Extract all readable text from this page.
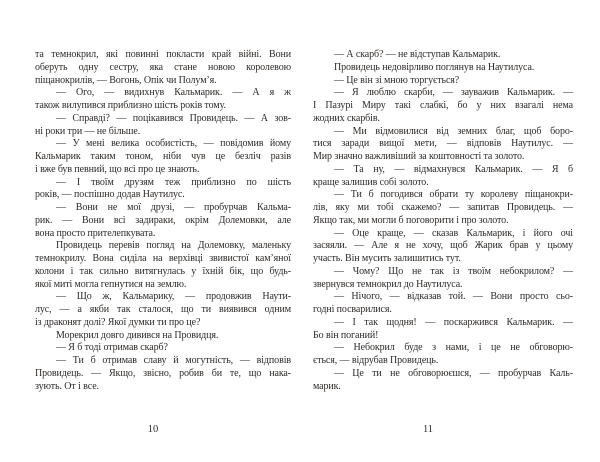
та темнокрил, які повинні покласти край війні. Вони
оберуть одну сестру, яка стане новою королевою
піщанокрилів, — Вогонь, Опік чи Полум’я.
— Ого, — видихнув Кальмарик. — А я ж
також вилупився приблизно шість років тому.
— Справді? — поцікавився Провидець. — А зов-
ні роки три — не більше.
— У мені велика особистість, — повідомив йому
Кальмарик таким тоном, ніби чув це безліч разів
і вже був певний, що всі про це знають.
— І твоїм друзям теж приблизно по шість
років, — поспішно додав Наутилус.
— Вони не мої друзі, — пробурчав Кальма-
рик. — Вони всі задираки, окрім Долемовки, але
вона просто прителепкувата.
Провидець перевів погляд на Долемовку, маленьку
темнокрилу. Вона сиділа на верхівці звивистої кам’яної
колони і так сильно витягнулась у їхній бік, що будь-
якої миті могла гепнутися на землю.
— Що ж, Кальмарику, — продовжив Наути-
лус, — а якби так сталося, що ти виявився одним
із драконят долі? Якої думки ти про це?
Морекрил довго дивився на Провидця.
— Я б тоді отримав скарб?
— Ти б отримав славу й могутність, — відповів
Провидець. — Якщо, звісно, робив би те, що нака-
зують. От і все.
— А скарб? — не відступав Кальмарик.
Провидець недовірливо поглянув на Наутилуса.
— Це він зі мною торгується?
— Я люблю скарби, — зауважив Кальмарик. —
І Пазурі Миру такі слабкі, бо у них взагалі нема
жодних скарбів.
— Ми відмовилися від земних благ, щоб боро-
тися заради вищої мети, — відповів Наутилус. —
Мир значно важливіший за коштовності та золото.
— Та ну, — відмахнувся Кальмарик. — Я б
краще залишив собі золото.
— Ти б погодився обрати ту королеву піщанокри-
лів, яку ми тобі скажемо? — запитав Провидець. —
Якщо так, ми могли б поговорити і про золото.
— Оце краще, — сказав Кальмарик, і його очі
засяяли. — Але я не хочу, щоб Жарик брав у цьому
участь. Він мусить залишитись тут.
— Чому? Що не так із твоїм небокрилом? —
звернувся темнокрил до Наутилуса.
— Нічого, — відказав той. — Вони просто сьо-
годні посварилися.
— І так щодня! — поскаржився Кальмарик. —
Бо він поганий!
— Небокрил буде з нами, і це не обговорю-
ється, — відрубав Провидець.
— Це ти не обговорюєшся, — пробурчав Каль-
марик.
10	11
